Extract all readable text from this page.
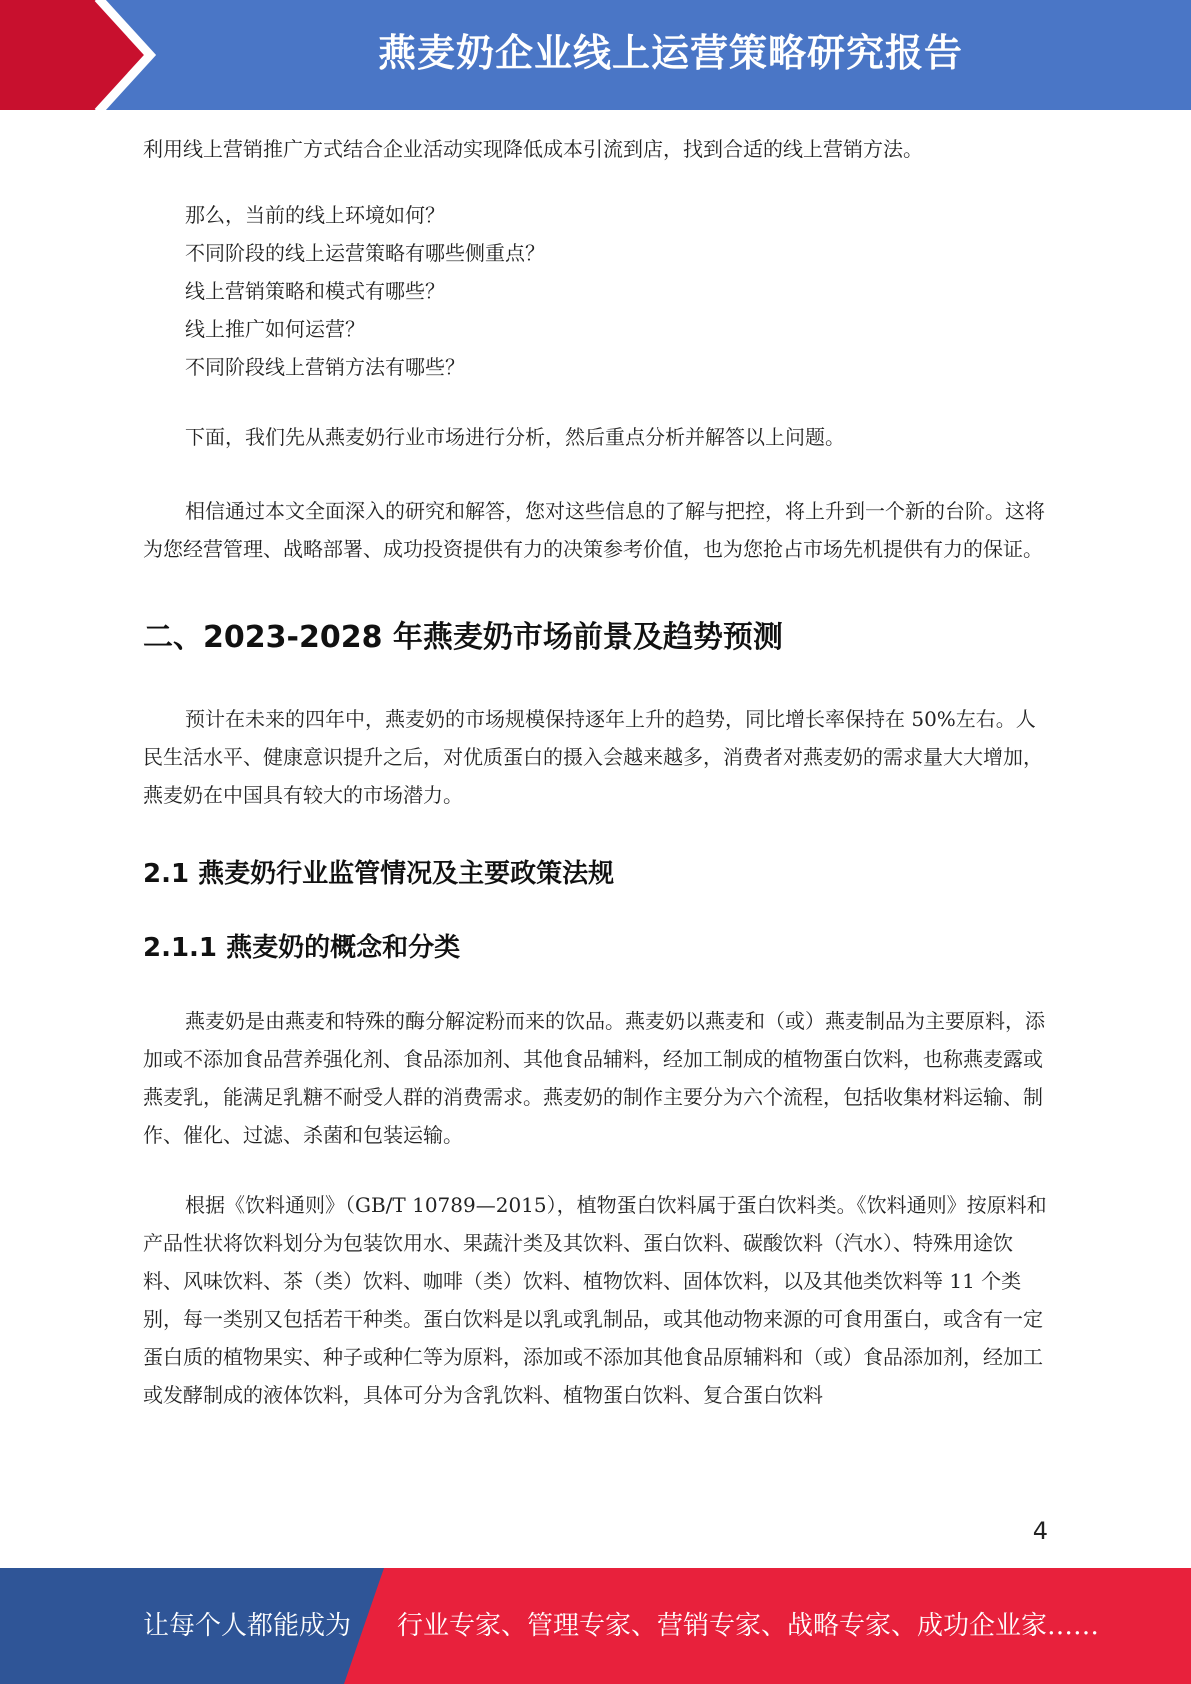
燕麦奶企业线上运营策略研究报告

利用线上营销推广方式结合企业活动实现降低成本引流到店，找到合适的线上营销方法。

那么，当前的线上环境如何？
不同阶段的线上运营策略有哪些侧重点？
线上营销策略和模式有哪些？
线上推广如何运营？
不同阶段线上营销方法有哪些？

下面，我们先从燕麦奶行业市场进行分析，然后重点分析并解答以上问题。

相信通过本文全面深入的研究和解答，您对这些信息的了解与把控，将上升到一个新的台阶。这将为您经营管理、战略部署、成功投资提供有力的决策参考价值，也为您抢占市场先机提供有力的保证。

二、2023-2028 年燕麦奶市场前景及趋势预测

预计在未来的四年中，燕麦奶的市场规模保持逐年上升的趋势，同比增长率保持在 50%左右。人民生活水平、健康意识提升之后，对优质蛋白的摄入会越来越多，消费者对燕麦奶的需求量大大增加，燕麦奶在中国具有较大的市场潜力。

2.1 燕麦奶行业监管情况及主要政策法规
2.1.1 燕麦奶的概念和分类

燕麦奶是由燕麦和特殊的酶分解淀粉而来的饮品。燕麦奶以燕麦和（或）燕麦制品为主要原料，添加或不添加食品营养强化剂、食品添加剂、其他食品辅料，经加工制成的植物蛋白饮料，也称燕麦露或燕麦乳，能满足乳糖不耐受人群的消费需求。燕麦奶的制作主要分为六个流程，包括收集材料运输、制作、催化、过滤、杀菌和包装运输。

根据《饮料通则》（GB/T 10789—2015），植物蛋白饮料属于蛋白饮料类。《饮料通则》按原料和产品性状将饮料划分为包装饮用水、果蔬汁类及其饮料、蛋白饮料、碳酸饮料（汽水）、特殊用途饮料、风味饮料、茶（类）饮料、咖啡（类）饮料、植物饮料、固体饮料，以及其他类饮料等 11 个类别，每一类别又包括若干种类。蛋白饮料是以乳或乳制品，或其他动物来源的可食用蛋白，或含有一定蛋白质的植物果实、种子或种仁等为原料，添加或不添加其他食品原辅料和（或）食品添加剂，经加工或发酵制成的液体饮料，具体可分为含乳饮料、植物蛋白饮料、复合蛋白饮料

4
让每个人都能成为 行业专家、管理专家、营销专家、战略专家、成功企业家……
